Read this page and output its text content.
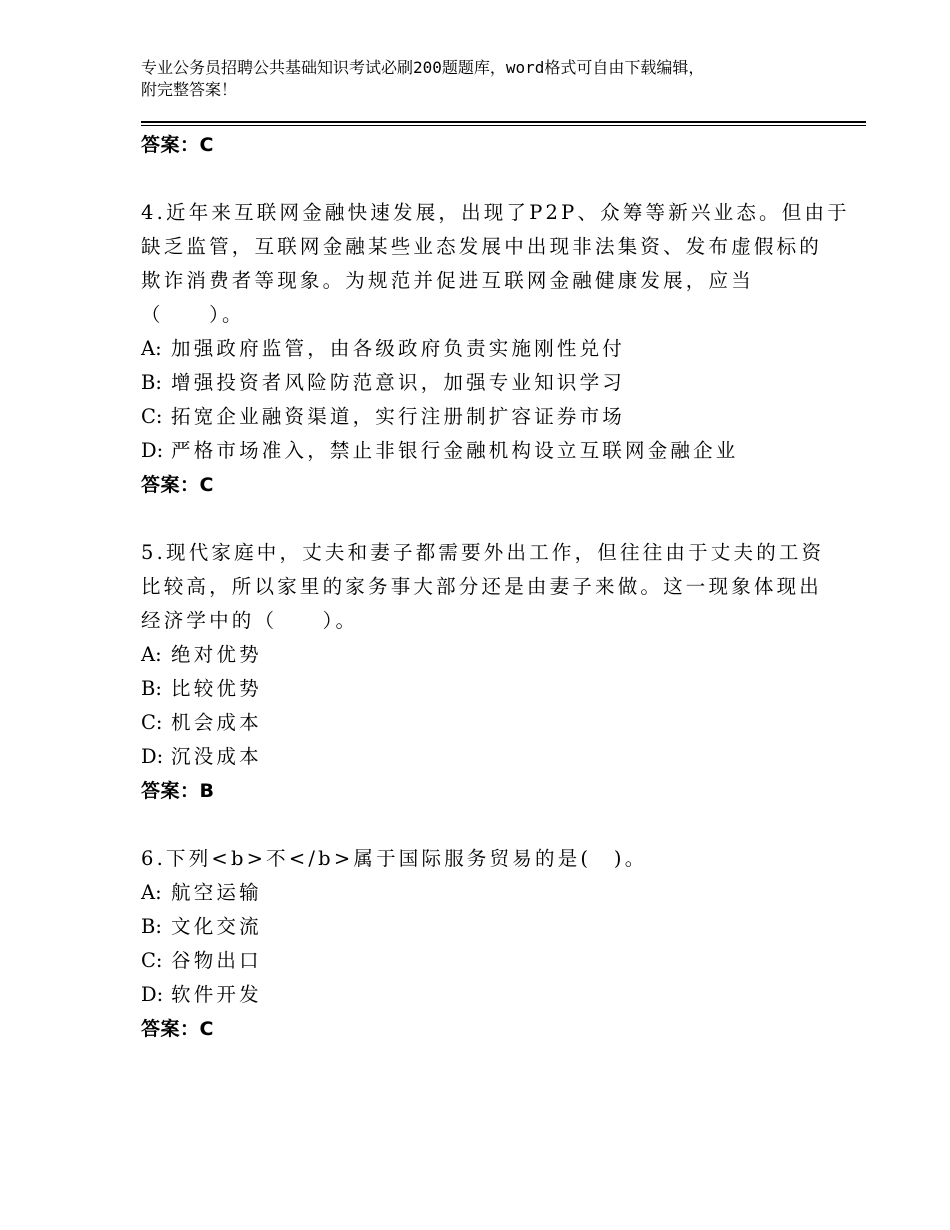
专业公务员招聘公共基础知识考试必刷200题题库，word格式可自由下载编辑，
附完整答案！
答案：C
4.近年来互联网金融快速发展，出现了P2P、众筹等新兴业态。但由于
缺乏监管，互联网金融某些业态发展中出现非法集资、发布虚假标的
欺诈消费者等现象。为规范并促进互联网金融健康发展，应当
（　　）。
A: 加强政府监管，由各级政府负责实施刚性兑付
B: 增强投资者风险防范意识，加强专业知识学习
C: 拓宽企业融资渠道，实行注册制扩容证券市场
D: 严格市场准入，禁止非银行金融机构设立互联网金融企业
答案：C
5.现代家庭中，丈夫和妻子都需要外出工作，但往往由于丈夫的工资
比较高，所以家里的家务事大部分还是由妻子来做。这一现象体现出
经济学中的（　　）。
A: 绝对优势
B: 比较优势
C: 机会成本
D: 沉没成本
答案：B
6.下列<b>不</b>属于国际服务贸易的是(　)。
A: 航空运输
B: 文化交流
C: 谷物出口
D: 软件开发
答案：C
